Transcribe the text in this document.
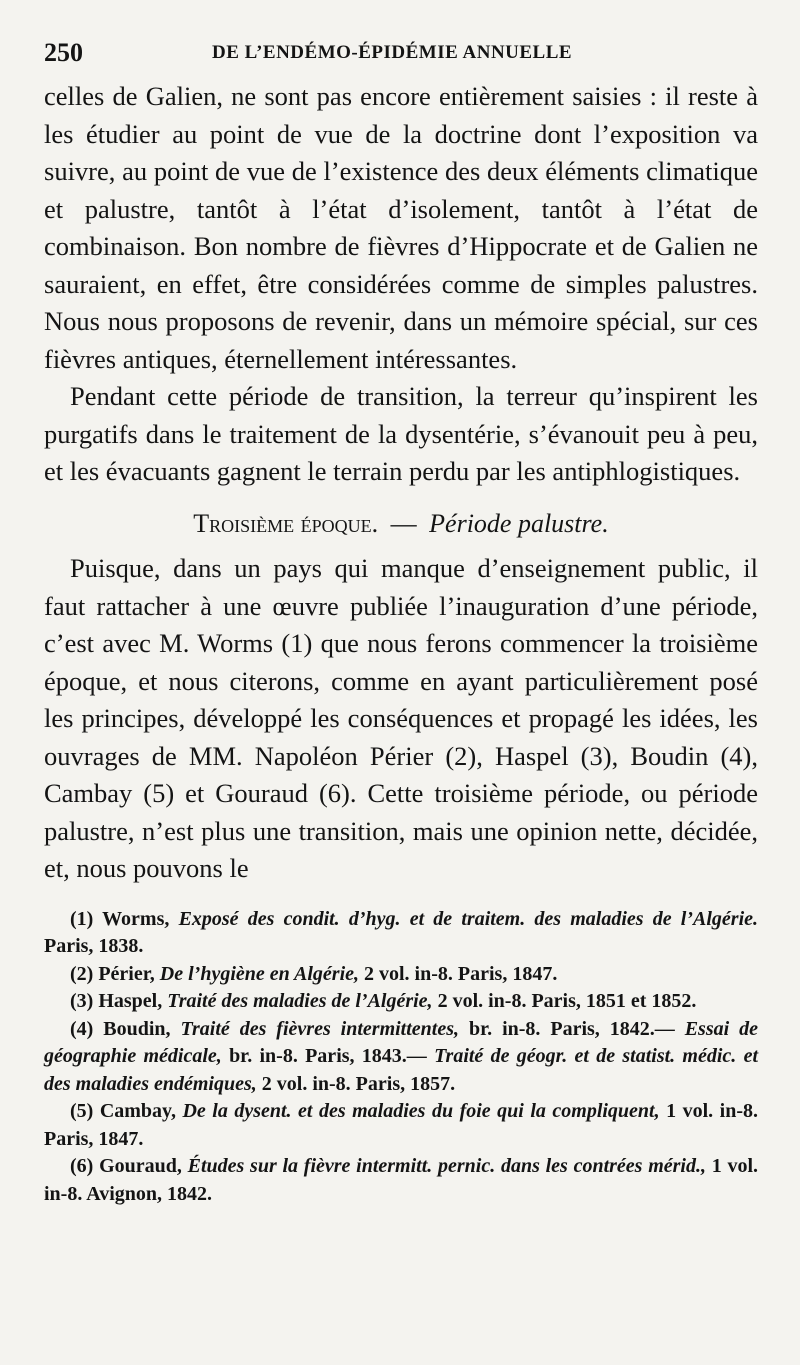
250	DE L’ENDÉMO-ÉPIDÉMIE ANNUELLE

celles de Galien, ne sont pas encore entièrement saisies : il reste à les étudier au point de vue de la doctrine dont l’exposition va suivre, au point de vue de l’existence des deux éléments climatique et palustre, tantôt à l’état d’isolement, tantôt à l’état de combinaison. Bon nombre de fièvres d’Hippocrate et de Galien ne sauraient, en effet, être considérées comme de simples palustres. Nous nous proposons de revenir, dans un mémoire spécial, sur ces fièvres antiques, éternellement intéressantes.

Pendant cette période de transition, la terreur qu’inspirent les purgatifs dans le traitement de la dysentérie, s’évanouit peu à peu, et les évacuants gagnent le terrain perdu par les antiphlogistiques.

Troisième époque. — Période palustre.

Puisque, dans un pays qui manque d’enseignement public, il faut rattacher à une œuvre publiée l’inauguration d’une période, c’est avec M. Worms (1) que nous ferons commencer la troisième époque, et nous citerons, comme en ayant particulièrement posé les principes, développé les conséquences et propagé les idées, les ouvrages de MM. Napoléon Périer (2), Haspel (3), Boudin (4), Cambay (5) et Gouraud (6). Cette troisième période, ou période palustre, n’est plus une transition, mais une opinion nette, décidée, et, nous pouvons le

(1) Worms, Exposé des condit. d’hyg. et de traitem. des maladies de l’Algérie. Paris, 1838.

(2) Périer, De l’hygiène en Algérie, 2 vol. in-8. Paris, 1847.

(3) Haspel, Traité des maladies de l’Algérie, 2 vol. in-8. Paris, 1851 et 1852.

(4) Boudin, Traité des fièvres intermittentes, br. in-8. Paris, 1842.— Essai de géographie médicale, br. in-8. Paris, 1843.— Traité de géogr. et de statist. médic. et des maladies endémiques, 2 vol. in-8. Paris, 1857.

(5) Cambay, De la dysent. et des maladies du foie qui la compliquent, 1 vol. in-8. Paris, 1847.

(6) Gouraud, Études sur la fièvre intermitt. pernic. dans les contrées mérid., 1 vol. in-8. Avignon, 1842.
